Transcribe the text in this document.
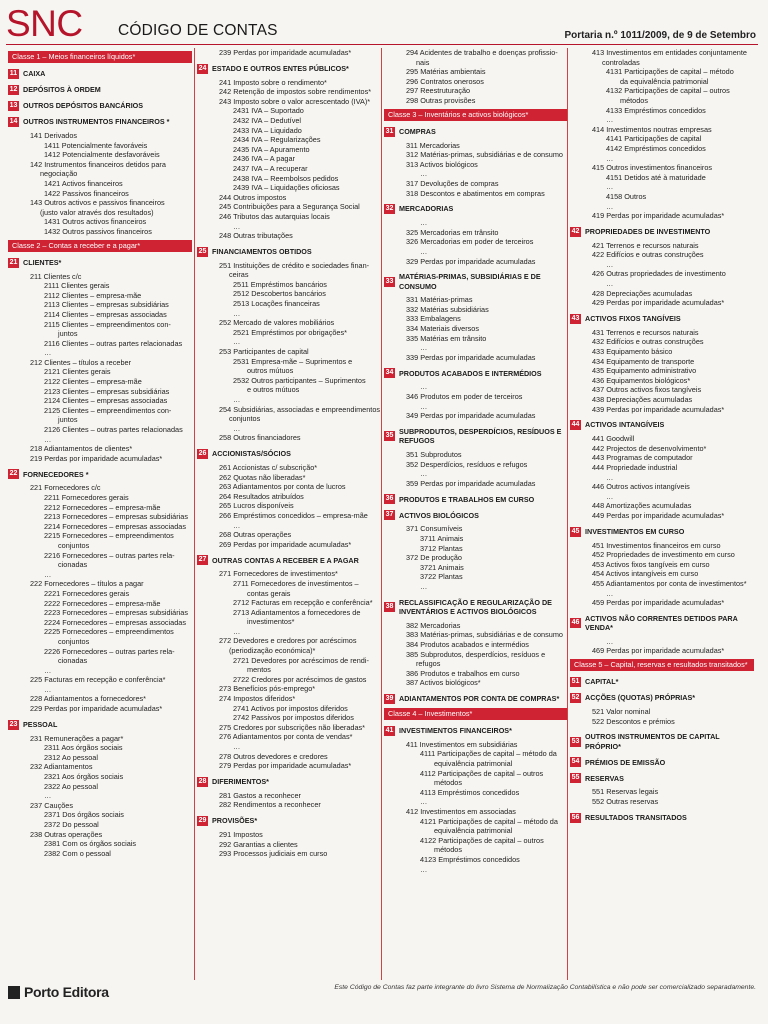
SNC CÓDIGO DE CONTAS	Portaria n.º 1011/2009, de 9 de Setembro
Classe 1 – Meios financeiros líquidos*
11 CAIXA
12 DEPÓSITOS À ORDEM
13 OUTROS DEPÓSITOS BANCÁRIOS
14 OUTROS INSTRUMENTOS FINANCEIROS *
141 Derivados
1411 Potencialmente favoráveis
1412 Potencialmente desfavoráveis
142 Instrumentos financeiros detidos para
negociação
1421 Activos financeiros
1422 Passivos financeiros
143 Outros activos e passivos financeiros
(justo valor através dos resultados)
1431 Outros activos financeiros
1432 Outros passivos financeiros
Classe 2 – Contas a receber e a pagar*
21 CLIENTES*
211 Clientes c/c
2111 Clientes gerais
2112 Clientes – empresa-mãe
2113 Clientes – empresas subsidiárias
2114 Clientes – empresas associadas
2115 Clientes – empreendimentos con-
juntos
2116 Clientes – outras partes relacionadas
…
212 Clientes – títulos a receber
2121 Clientes gerais
2122 Clientes – empresa-mãe
2123 Clientes – empresas subsidiárias
2124 Clientes – empresas associadas
2125 Clientes – empreendimentos con-
juntos
2126 Clientes – outras partes relacionadas
…
218 Adiantamentos de clientes*
219 Perdas por imparidade acumuladas*
22 FORNECEDORES *
221 Fornecedores c/c
2211 Fornecedores gerais
2212 Fornecedores – empresa-mãe
2213 Fornecedores – empresas subsidiárias
2214 Fornecedores – empresas associadas
2215 Fornecedores – empreendimentos
conjuntos
2216 Fornecedores – outras partes rela-
cionadas
…
222 Fornecedores – títulos a pagar
2221 Fornecedores gerais
2222 Fornecedores – empresa-mãe
2223 Fornecedores – empresas subsidiárias
2224 Fornecedores – empresas associadas
2225 Fornecedores – empreendimentos
conjuntos
2226 Fornecedores – outras partes rela-
cionadas
…
225 Facturas em recepção e conferência*
…
228 Adiantamentos a fornecedores*
229 Perdas por imparidade acumuladas*
23 PESSOAL
231 Remunerações a pagar*
2311 Aos órgãos sociais
2312 Ao pessoal
232 Adiantamentos
2321 Aos órgãos sociais
2322 Ao pessoal
…
237 Cauções
2371 Dos órgãos sociais
2372 Do pessoal
238 Outras operações
2381 Com os órgãos sociais
2382 Com o pessoal
239 Perdas por imparidade acumuladas*
24 ESTADO E OUTROS ENTES PÚBLICOS*
241 Imposto sobre o rendimento*
242 Retenção de impostos sobre rendimentos*
243 Imposto sobre o valor acrescentado (IVA)*
2431 IVA – Suportado
2432 IVA – Dedutível
2433 IVA – Liquidado
2434 IVA – Regularizações
2435 IVA – Apuramento
2436 IVA – A pagar
2437 IVA – A recuperar
2438 IVA – Reembolsos pedidos
2439 IVA – Liquidações oficiosas
244 Outros impostos
245 Contribuições para a Segurança Social
246 Tributos das autarquias locais
…
248 Outras tributações
25 FINANCIAMENTOS OBTIDOS
251 Instituições de crédito e sociedades finan-
ceiras
2511 Empréstimos bancários
2512 Descobertos bancários
2513 Locações financeiras
…
252 Mercado de valores mobiliários
2521 Empréstimos por obrigações*
…
253 Participantes de capital
2531 Empresa-mãe – Suprimentos e
outros mútuos
2532 Outros participantes – Suprimentos
e outros mútuos
…
254 Subsidiárias, associadas e empreendimentos
conjuntos
…
258 Outros financiadores
26 ACCIONISTAS/SÓCIOS
261 Accionistas c/ subscrição*
262 Quotas não liberadas*
263 Adiantamentos por conta de lucros
264 Resultados atribuídos
265 Lucros disponíveis
266 Empréstimos concedidos – empresa-mãe
…
268 Outras operações
269 Perdas por imparidade acumuladas*
27 OUTRAS CONTAS A RECEBER E A PAGAR
271 Fornecedores de investimentos*
2711 Fornecedores de investimentos –
contas gerais
2712 Facturas em recepção e conferência*
2713 Adiantamentos a fornecedores de
investimentos*
…
272 Devedores e credores por acréscimos
(periodização económica)*
2721 Devedores por acréscimos de rendi-
mentos
2722 Credores por acréscimos de gastos
273 Benefícios pós-emprego*
274 Impostos diferidos*
2741 Activos por impostos diferidos
2742 Passivos por impostos diferidos
275 Credores por subscrições não liberadas*
276 Adiantamentos por conta de vendas*
…
278 Outros devedores e credores
279 Perdas por imparidade acumuladas*
28 DIFERIMENTOS*
281 Gastos a reconhecer
282 Rendimentos a reconhecer
29 PROVISÕES*
291 Impostos
292 Garantias a clientes
293 Processos judiciais em curso
294 Acidentes de trabalho e doenças profissio-
nais
295 Matérias ambientais
296 Contratos onerosos
297 Reestruturação
298 Outras provisões
Classe 3 – Inventários e activos biológicos*
31 COMPRAS
311 Mercadorias
312 Matérias-primas, subsidiárias e de consumo
313 Activos biológicos
…
317 Devoluções de compras
318 Descontos e abatimentos em compras
32 MERCADORIAS
…
325 Mercadorias em trânsito
326 Mercadorias em poder de terceiros
…
329 Perdas por imparidade acumuladas
33
MATÉRIAS-PRIMAS, SUBSIDIÁRIAS E DE CONSUMO
331 Matérias-primas
332 Matérias subsidiárias
333 Embalagens
334 Materiais diversos
335 Matérias em trânsito
…
339 Perdas por imparidade acumuladas
34 PRODUTOS ACABADOS E INTERMÉDIOS
…
346 Produtos em poder de terceiros
…
349 Perdas por imparidade acumuladas
35
SUBPRODUTOS, DESPERDÍCIOS, RESÍDUOS E REFUGOS
351 Subprodutos
352 Desperdícios, resíduos e refugos
…
359 Perdas por imparidade acumuladas
36 PRODUTOS E TRABALHOS EM CURSO
37 ACTIVOS BIOLÓGICOS
371 Consumíveis
3711 Animais
3712 Plantas
372 De produção
3721 Animais
3722 Plantas
…
38
RECLASSIFICAÇÃO E REGULARIZAÇÃO DE INVENTÁRIOS E ACTIVOS BIOLÓGICOS
382 Mercadorias
383 Matérias-primas, subsidiárias e de consumo
384 Produtos acabados e intermédios
385 Subprodutos, desperdícios, resíduos e
refugos
386 Produtos e trabalhos em curso
387 Activos biológicos*
39 ADIANTAMENTOS POR CONTA DE COMPRAS*
Classe 4 – Investimentos*
41 INVESTIMENTOS FINANCEIROS*
411 Investimentos em subsidiárias
4111 Participações de capital – método da
equivalência patrimonial
4112 Participações de capital – outros
métodos
4113 Empréstimos concedidos
…
412 Investimentos em associadas
4121 Participações de capital – método da
equivalência patrimonial
4122 Participações de capital – outros
métodos
4123 Empréstimos concedidos
…
413 Investimentos em entidades conjuntamente
controladas
4131 Participações de capital – método
da equivalência patrimonial
4132 Participações de capital – outros
métodos
4133 Empréstimos concedidos
…
414 Investimentos noutras empresas
4141 Participações de capital
4142 Empréstimos concedidos
…
415 Outros investimentos financeiros
4151 Detidos até à maturidade
…
4158 Outros
…
419 Perdas por imparidade acumuladas*
42 PROPRIEDADES DE INVESTIMENTO
421 Terrenos e recursos naturais
422 Edifícios e outras construções
…
426 Outras propriedades de investimento
…
428 Depreciações acumuladas
429 Perdas por imparidade acumuladas*
43 ACTIVOS FIXOS TANGÍVEIS
431 Terrenos e recursos naturais
432 Edifícios e outras construções
433 Equipamento básico
434 Equipamento de transporte
435 Equipamento administrativo
436 Equipamentos biológicos*
437 Outros activos fixos tangíveis
438 Depreciações acumuladas
439 Perdas por imparidade acumuladas*
44 ACTIVOS INTANGÍVEIS
441 Goodwill
442 Projectos de desenvolvimento*
443 Programas de computador
444 Propriedade industrial
…
446 Outros activos intangíveis
…
448 Amortizações acumuladas
449 Perdas por imparidade acumuladas*
45 INVESTIMENTOS EM CURSO
451 Investimentos financeiros em curso
452 Propriedades de investimento em curso
453 Activos fixos tangíveis em curso
454 Activos intangíveis em curso
455 Adiantamentos por conta de investimentos*
…
459 Perdas por imparidade acumuladas*
46
ACTIVOS NÃO CORRENTES DETIDOS PARA VENDA*
…
469 Perdas por imparidade acumuladas*
Classe 5 – Capital, reservas e resultados transitados*
51 CAPITAL*
52 ACÇÕES (QUOTAS) PRÓPRIAS*
521 Valor nominal
522 Descontos e prémios
53
OUTROS INSTRUMENTOS DE CAPITAL PRÓPRIO*
54 PRÉMIOS DE EMISSÃO
55 RESERVAS
551 Reservas legais
552 Outras reservas
56 RESULTADOS TRANSITADOS
Porto Editora	Este Código de Contas faz parte integrante do livro Sistema de Normalização Contabilística e não pode ser comercializado separadamente.
